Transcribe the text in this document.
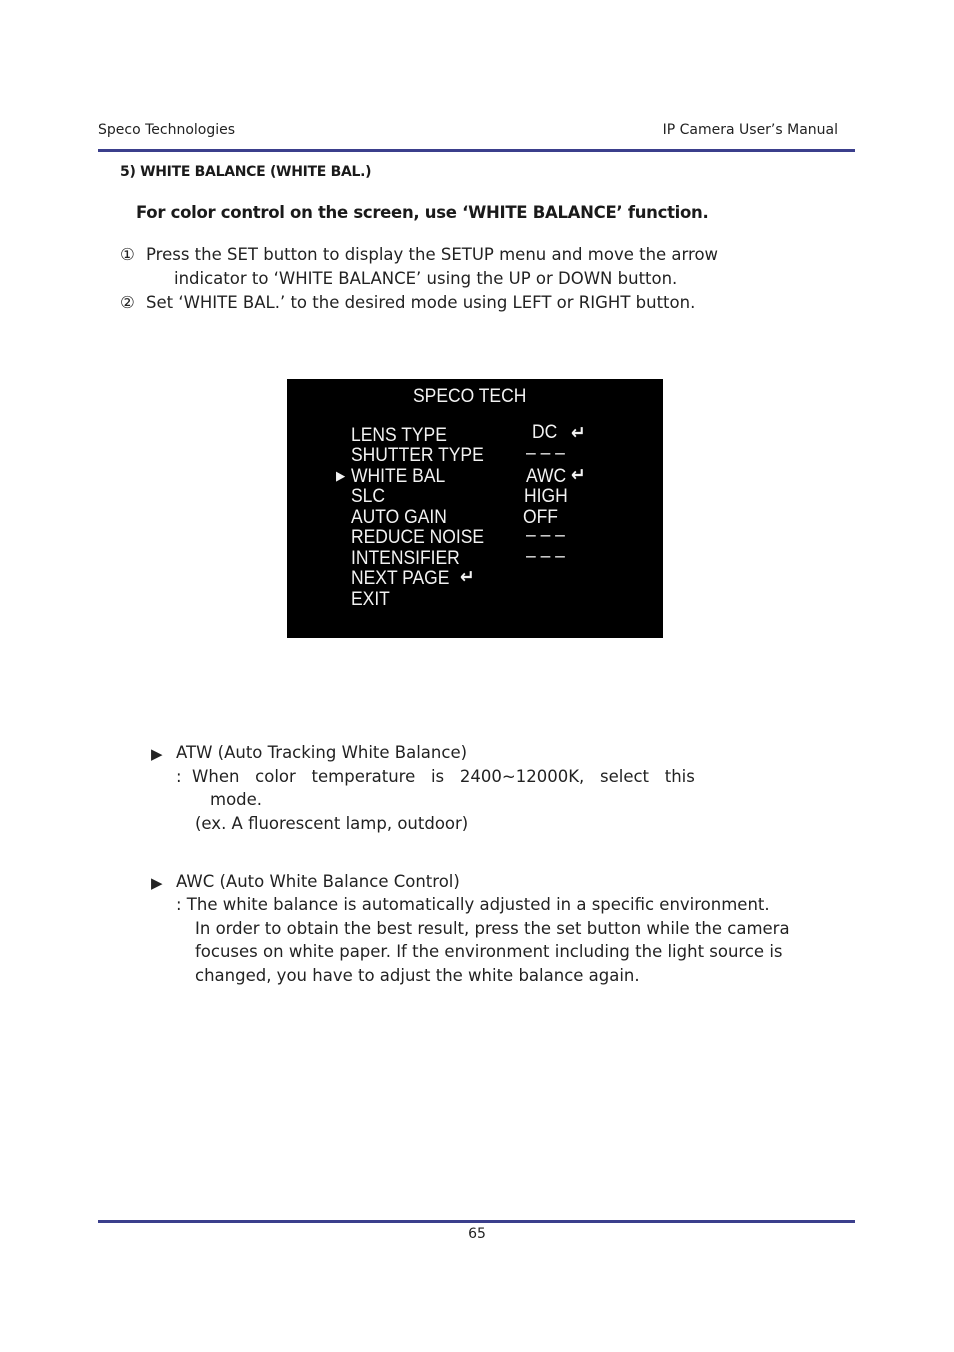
Speco Technologies	IP Camera User’s Manual
5) WHITE BALANCE (WHITE BAL.)
For color control on the screen, use ‘WHITE BALANCE’ function.
① Press the SET button to display the SETUP menu and move the arrow
indicator to ‘WHITE BALANCE’ using the UP or DOWN button.
② Set ‘WHITE BAL.’ to the desired mode using LEFT or RIGHT button.
SPECO TECH
LENS TYPE	DC ↵
SHUTTER TYPE – – –
▶ WHITE BAL	AWC ↵
SLC	HIGH
AUTO GAIN	OFF
REDUCE NOISE – – –
INTENSIFIER	– – –
NEXT PAGE ↵
EXIT
▶ ATW (Auto Tracking White Balance)
:  When   color   temperature   is   2400~12000K,   select   this
mode.
(ex. A fluorescent lamp, outdoor)
▶ AWC (Auto White Balance Control)
: The white balance is automatically adjusted in a specific environment.
In order to obtain the best result, press the set button while the camera
focuses on white paper. If the environment including the light source is
changed, you have to adjust the white balance again.
65
